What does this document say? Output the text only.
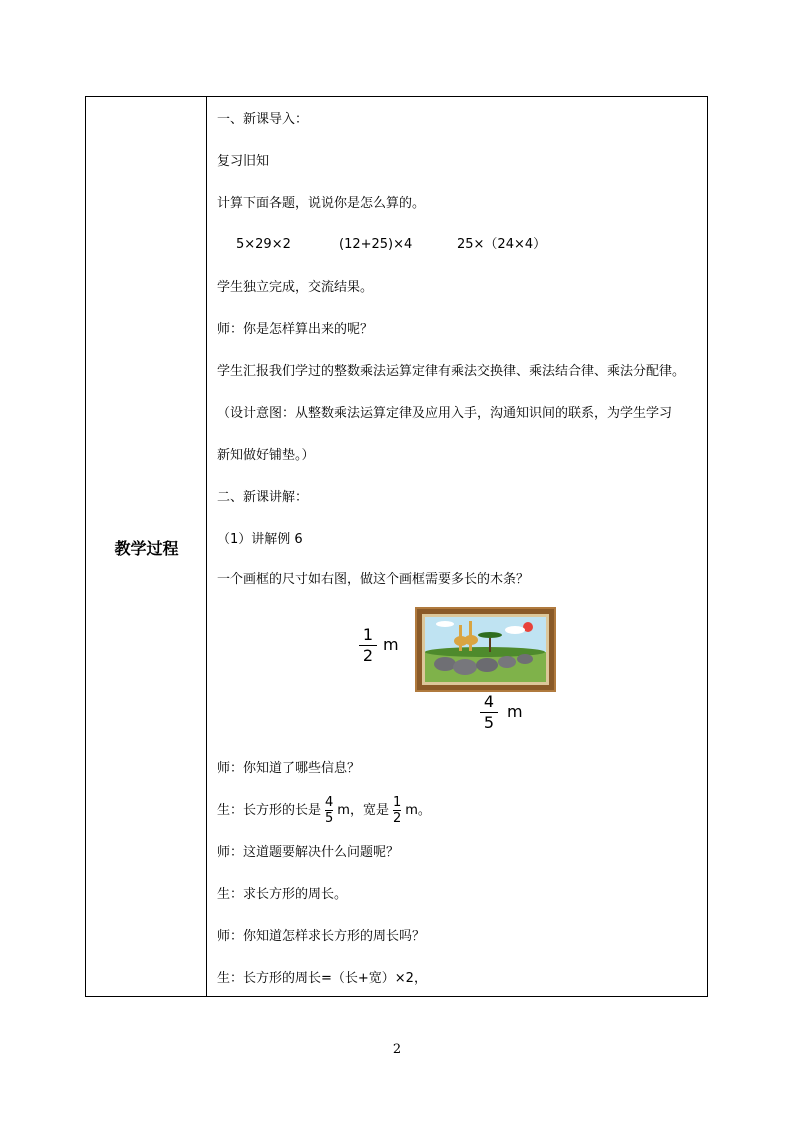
教学过程
一、新课导入：
复习旧知
计算下面各题，说说你是怎么算的。
5×29×2	(12+25)×4	25×（24×4）
学生独立完成，交流结果。
师：你是怎样算出来的呢？
学生汇报我们学过的整数乘法运算定律有乘法交换律、乘法结合律、乘法分配律。
（设计意图：从整数乘法运算定律及应用入手，沟通知识间的联系，为学生学习
新知做好铺垫。）
二、新课讲解：
（1）讲解例 6
一个画框的尺寸如右图，做这个画框需要多长的木条？
$\frac{1}{2}$ m
$\frac{4}{5}$ m
师：你知道了哪些信息？
生：长方形的长是 $\frac{4}{5}$ m，宽是 $\frac{1}{2}$ m。
师：这道题要解决什么问题呢？
生：求长方形的周长。
师：你知道怎样求长方形的周长吗？
生：长方形的周长=（长+宽）×2，
2
